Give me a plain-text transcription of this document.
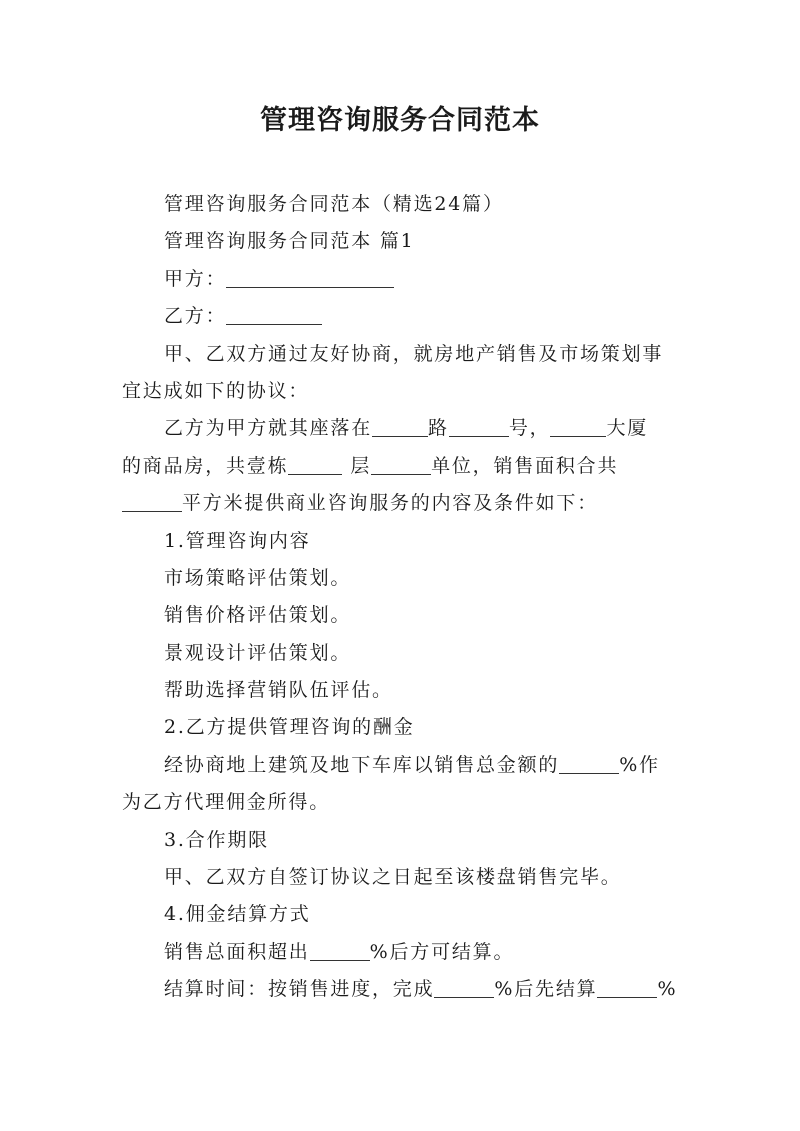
管理咨询服务合同范本
管理咨询服务合同范本（精选24篇）
管理咨询服务合同范本 篇1
甲方：
乙方：
甲、乙双方通过友好协商，就房地产销售及市场策划事
宜达成如下的协议：
乙方为甲方就其座落在	路	号，	大厦
的商品房，共壹栋	层	单位，销售面积合共
平方米提供商业咨询服务的内容及条件如下：
1.管理咨询内容
市场策略评估策划。
销售价格评估策划。
景观设计评估策划。
帮助选择营销队伍评估。
2.乙方提供管理咨询的酬金
经协商地上建筑及地下车库以销售总金额的	%作
为乙方代理佣金所得。
3.合作期限
甲、乙双方自签订协议之日起至该楼盘销售完毕。
4.佣金结算方式
销售总面积超出	%后方可结算。
结算时间：按销售进度，完成	%后先结算	%
